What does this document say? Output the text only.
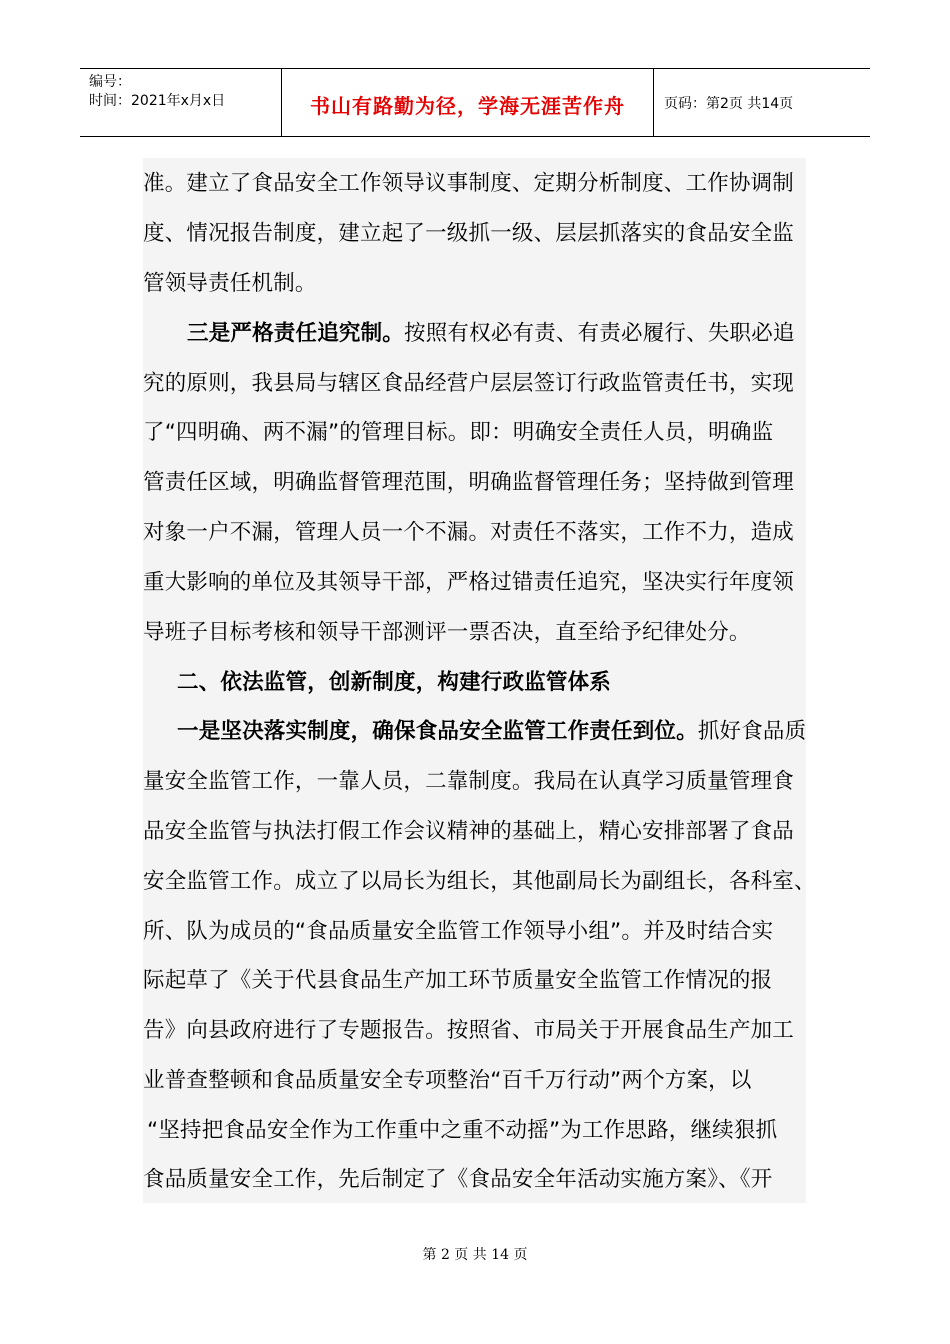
编号：
时间：2021年x月x日	书山有路勤为径，学海无涯苦作舟	页码：第2页 共14页
准。建立了食品安全工作领导议事制度、定期分析制度、工作协调制
度、情况报告制度，建立起了一级抓一级、层层抓落实的食品安全监
管领导责任机制。
三是严格责任追究制。按照有权必有责、有责必履行、失职必追
究的原则，我县局与辖区食品经营户层层签订行政监管责任书，实现
了“四明确、两不漏”的管理目标。即：明确安全责任人员，明确监
管责任区域，明确监督管理范围，明确监督管理任务；坚持做到管理
对象一户不漏，管理人员一个不漏。对责任不落实，工作不力，造成
重大影响的单位及其领导干部，严格过错责任追究，坚决实行年度领
导班子目标考核和领导干部测评一票否决，直至给予纪律处分。
二、依法监管，创新制度，构建行政监管体系
一是坚决落实制度，确保食品安全监管工作责任到位。抓好食品质
量安全监管工作，一靠人员，二靠制度。我局在认真学习质量管理食
品安全监管与执法打假工作会议精神的基础上，精心安排部署了食品
安全监管工作。成立了以局长为组长，其他副局长为副组长，各科室、
所、队为成员的“食品质量安全监管工作领导小组”。并及时结合实
际起草了《关于代县食品生产加工环节质量安全监管工作情况的报
告》向县政府进行了专题报告。按照省、市局关于开展食品生产加工
业普查整顿和食品质量安全专项整治“百千万行动”两个方案，以
“坚持把食品安全作为工作重中之重不动摇”为工作思路，继续狠抓
食品质量安全工作，先后制定了《食品安全年活动实施方案》、《开
第 2 页 共 14 页
